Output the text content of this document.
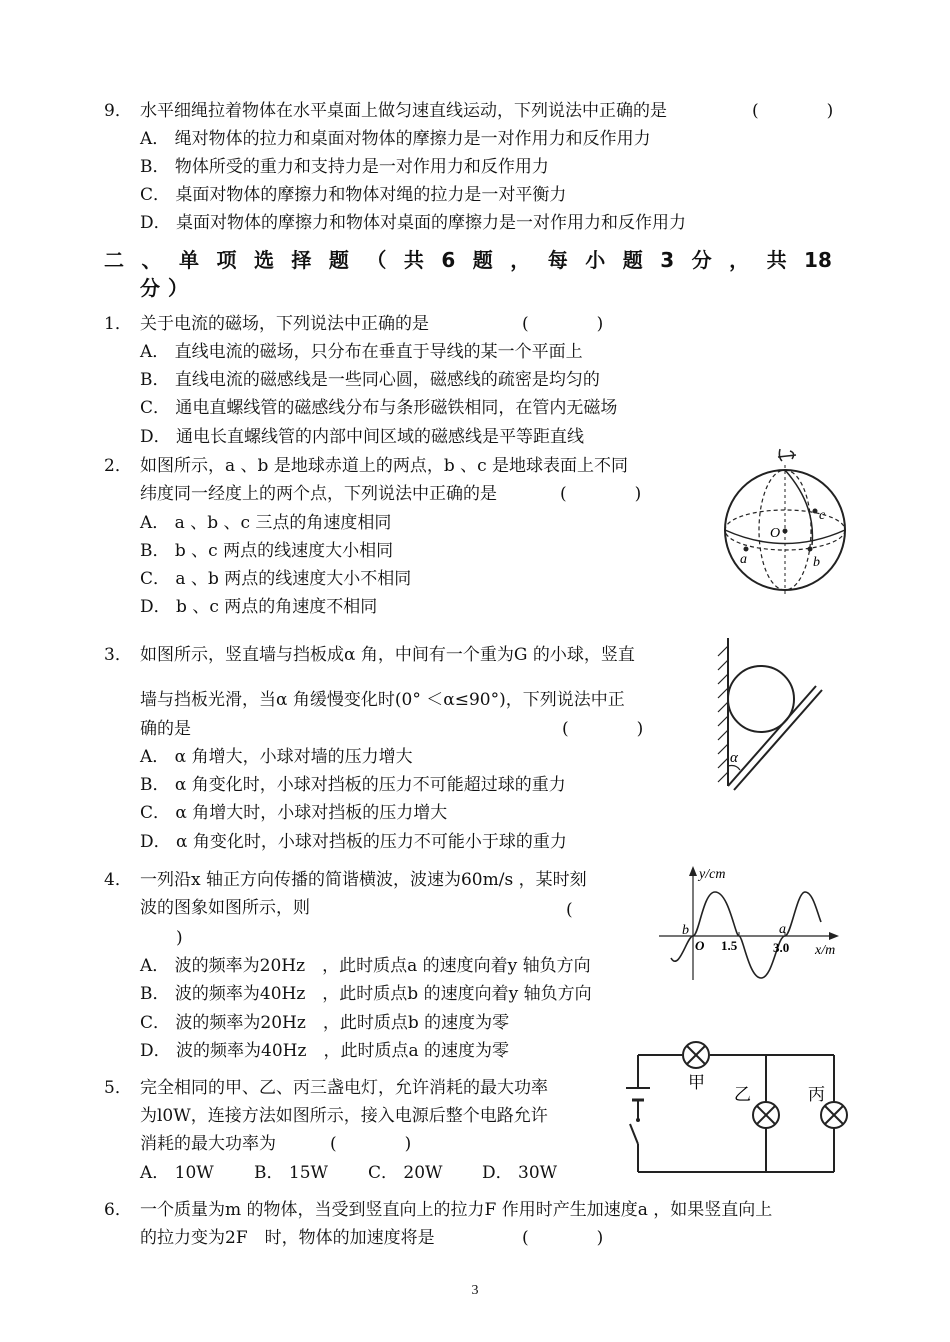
9． 水平细绳拉着物体在水平桌面上做匀速直线运动，下列说法中正确的是	(　　　　)
A． 绳对物体的拉力和桌面对物体的摩擦力是一对作用力和反作用力
B． 物体所受的重力和支持力是一对作用力和反作用力
C． 桌面对物体的摩擦力和物体对绳的拉力是一对平衡力
D． 桌面对物体的摩擦力和物体对桌面的摩擦力是一对作用力和反作用力
二 、 单 项 选 择 题 （ 共 6 题 ， 每 小 题 3 分 ， 共 18
分）
1． 关于电流的磁场，下列说法中正确的是	(　　　　)
A． 直线电流的磁场，只分布在垂直于导线的某一个平面上
B． 直线电流的磁感线是一些同心圆，磁感线的疏密是均匀的
C． 通电直螺线管的磁感线分布与条形磁铁相同，在管内无磁场
D． 通电长直螺线管的内部中间区域的磁感线是平等距直线
2． 如图所示，a 、b 是地球赤道上的两点，b 、c 是地球表面上不同
纬度同一经度上的两个点，下列说法中正确的是	(　　　　)
A． a 、b 、c 三点的角速度相同
B． b 、c 两点的线速度大小相同
C． a 、b 两点的线速度大小不相同
D． b 、c 两点的角速度不相同
O
c
b
a
3． 如图所示，竖直墙与挡板成α 角，中间有一个重为G 的小球，竖直
墙与挡板光滑，当α 角缓慢变化时(0° ＜α≤90°)，下列说法中正
确的是	(　　　　)
A． α 角增大，小球对墙的压力增大
B． α 角变化时，小球对挡板的压力不可能超过球的重力
C． α 角增大时，小球对挡板的压力增大
D． α 角变化时，小球对挡板的压力不可能小于球的重力
α
4． 一列沿x 轴正方向传播的简谐横波，波速为60m/s ，某时刻
波的图象如图所示，则	(
)
A． 波的频率为20Hz　，此时质点a 的速度向着y 轴负方向
B． 波的频率为40Hz　，此时质点b 的速度向着y 轴负方向
C． 波的频率为20Hz　，此时质点b 的速度为零
D． 波的频率为40Hz　，此时质点a 的速度为零
y/cm
x/m
O 1.5	3.0
b	a
5． 完全相同的甲、乙、丙三盏电灯，允许消耗的最大功率
为l0W，连接方法如图所示，接入电源后整个电路允许
消耗的最大功率为	(　　　　)
A． 10W B． 15W C． 20W D． 30W
甲
乙	丙
6． 一个质量为m 的物体，当受到竖直向上的拉力F 作用时产生加速度a ，如果竖直向上
的拉力变为2F　时，物体的加速度将是	(　　　　)
3
